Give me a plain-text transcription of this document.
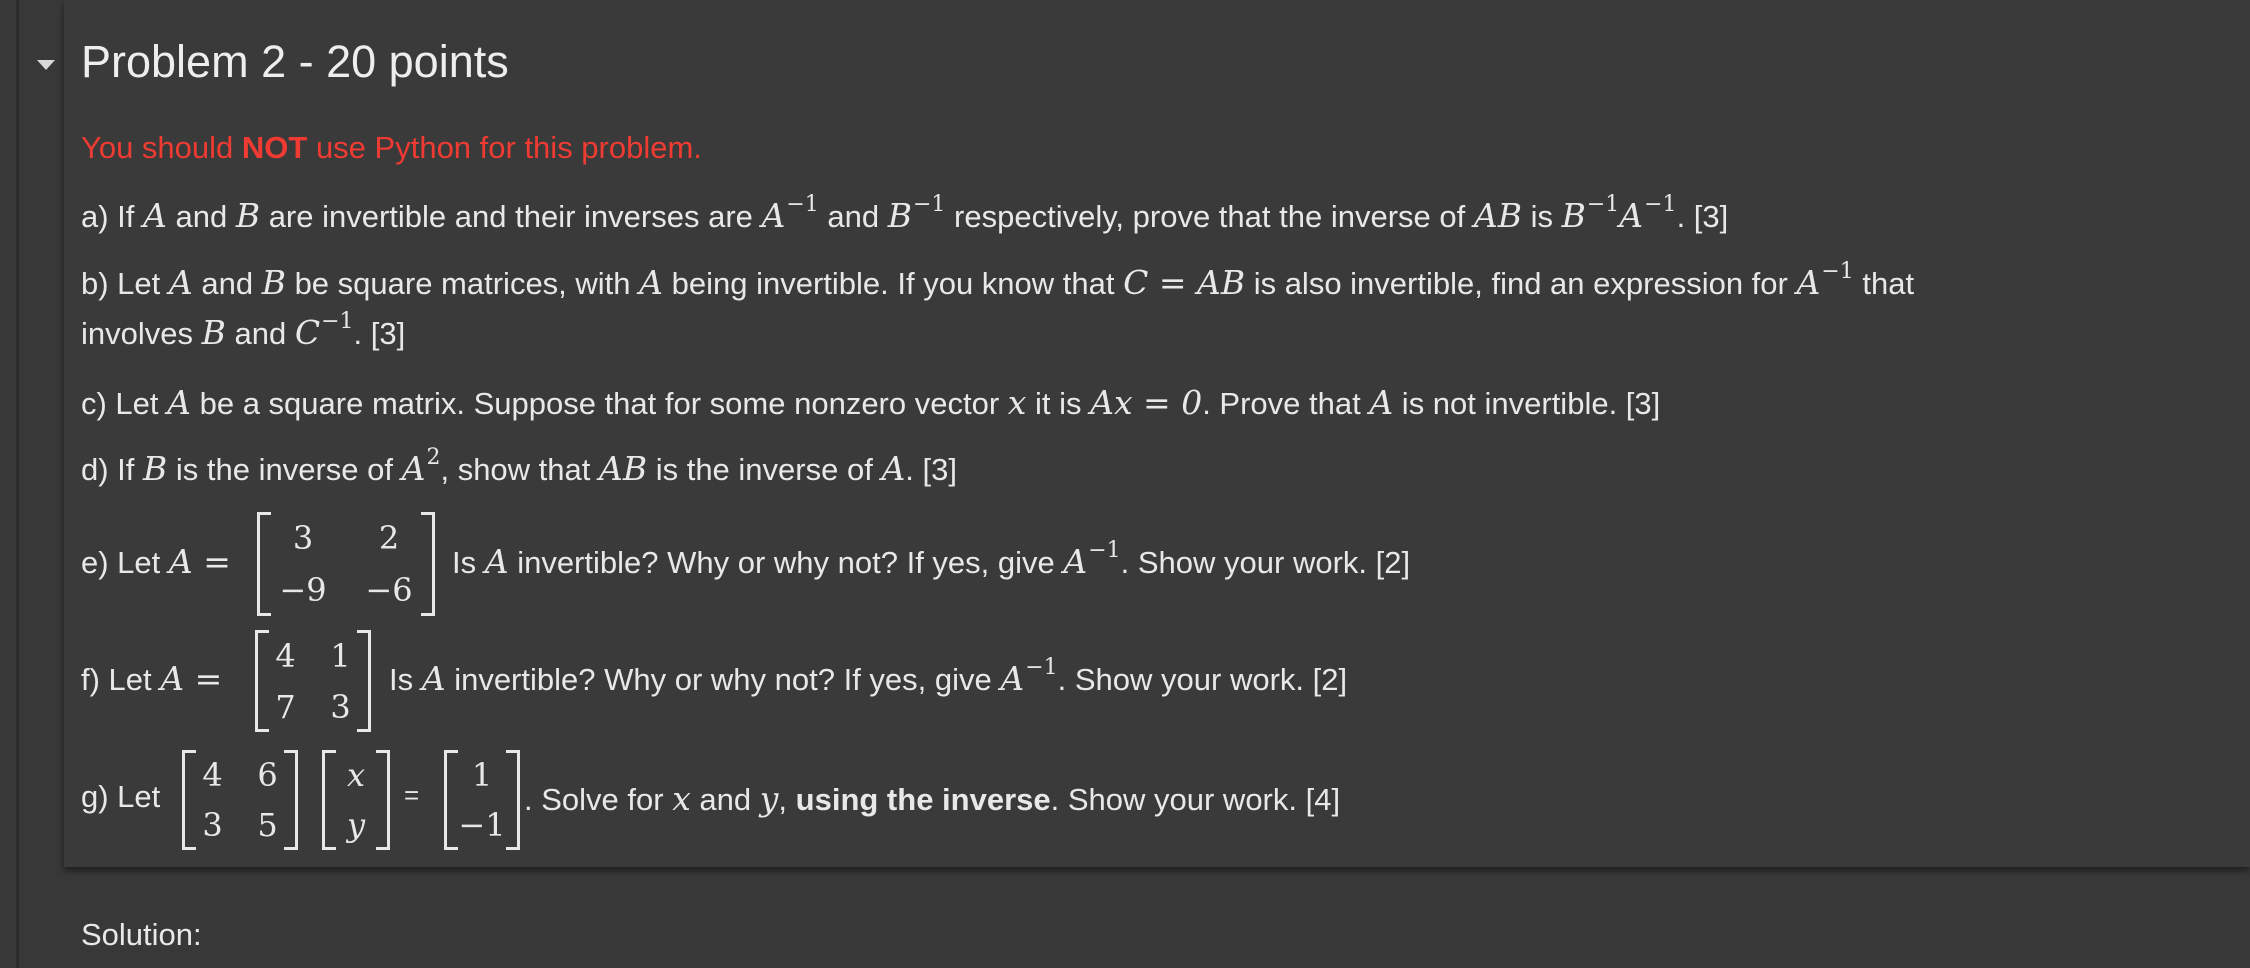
Problem 2 - 20 points
You should NOT use Python for this problem.
a) If A and B are invertible and their inverses are $A^{-1}$ and $B^{-1}$ respectively, prove that the inverse of AB is $B^{-1}A^{-1}$. [3]
b) Let A and B be square matrices, with A being invertible. If you know that C = AB is also invertible, find an expression for $A^{-1}$ that
involves B and $C^{-1}$. [3]
c) Let A be a square matrix. Suppose that for some nonzero vector x it is Ax = 0. Prove that A is not invertible. [3]
d) If B is the inverse of $A^2$, show that AB is the inverse of A. [3]
e) Let A =
3	2
−9	−6
Is A invertible? Why or why not? If yes, give $A^{-1}$. Show your work. [2]
f) Let A =
4	1
7	3
Is A invertible? Why or why not? If yes, give $A^{-1}$. Show your work. [2]
g) Let
4	6
3	5
x
y
=
1
−1
. Solve for x and y, using the inverse. Show your work. [4]
Solution:
